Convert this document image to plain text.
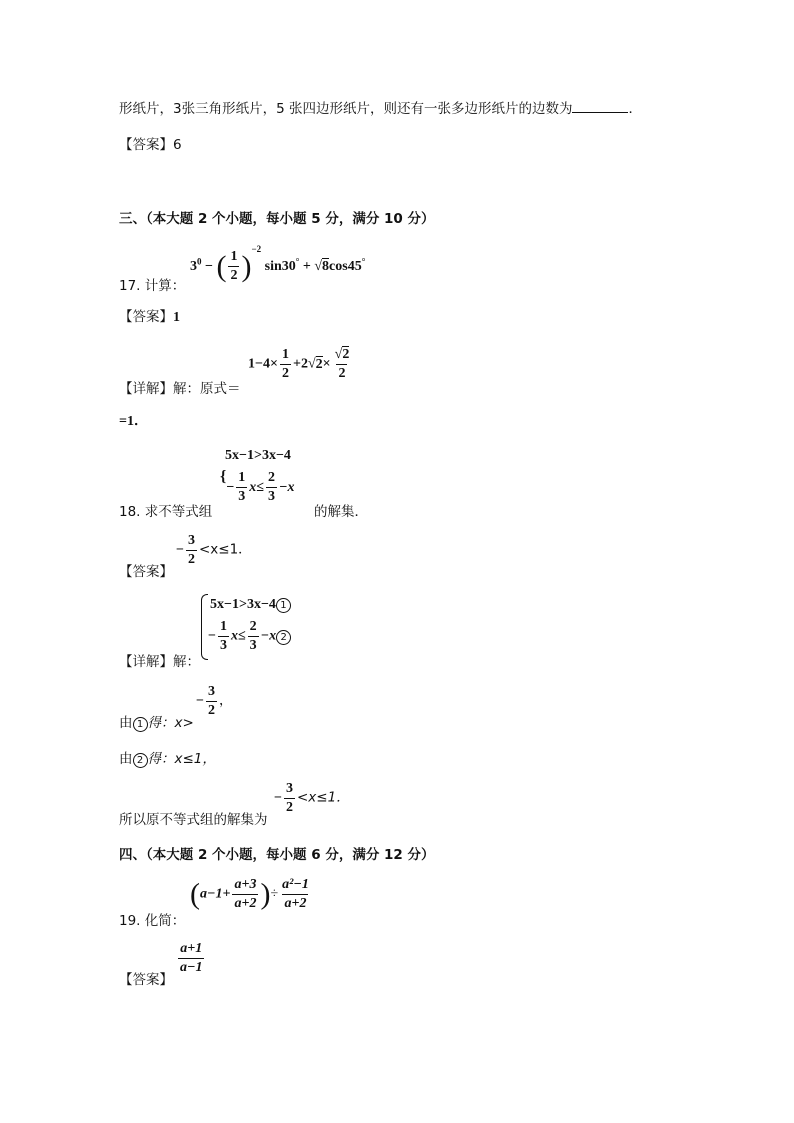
形纸片，3张三角形纸片，5 张四边形纸片，则还有一张多边形纸片的边数为	．
【答案】6
三、（本大题 2 个小题，每小题 5 分，满分 10 分）
17. 计算：
$3^0$ − ( $\frac{1}{2} )^{-2}$ sin30° + √8cos45°
【答案】1
【详解】解：原式＝
$1-4\times \frac{1}{2} +2√2\times \frac{√2}{2}$
=1．
5x−1>3x−4
{− $\frac{1}{3} x\le \frac{2}{3} -x$
18. 求不等式组	的解集．
【答案】
− $\frac{3}{2} <x\le 1$．
【详解】解：
5x−1>3x−4 1
− $\frac{1}{3} x\le \frac{2}{3} -x$ 2
由 1 得：x>
− $\frac{3}{2}$ ，
由 2 得：x≤1，
所以原不等式组的解集为
− $\frac{3}{2} <x\le 1$．
四、（本大题 2 个小题，每小题 6 分，满分 12 分）
19. 化简：
($a-1+ \frac{a+3}{a+2}$ )÷ $\frac{\text{a²−1}}{a+2}$
【答案】
$\frac{a+1}{a-1}$
